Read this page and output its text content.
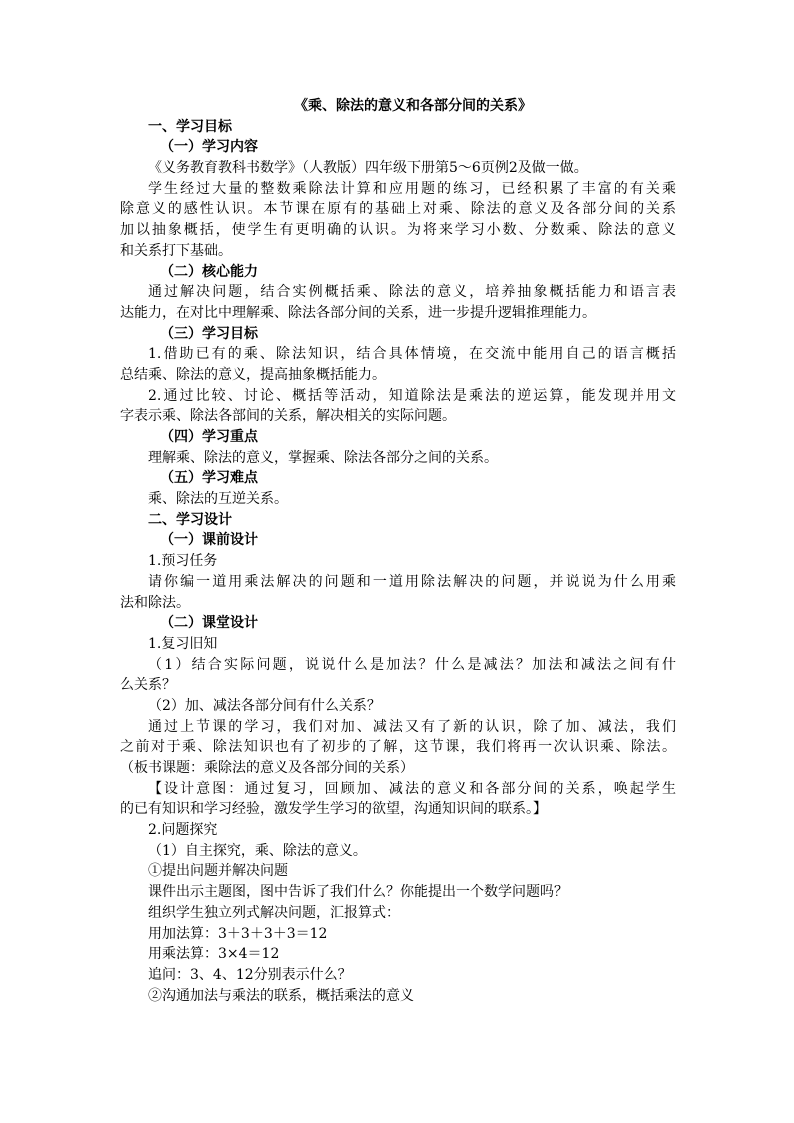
《乘、除法的意义和各部分间的关系》
一、学习目标
（一）学习内容
《义务教育教科书数学》（人教版）四年级下册第5～6页例2及做一做。
学生经过大量的整数乘除法计算和应用题的练习，已经积累了丰富的有关乘
除意义的感性认识。本节课在原有的基础上对乘、除法的意义及各部分间的关系
加以抽象概括，使学生有更明确的认识。为将来学习小数、分数乘、除法的意义
和关系打下基础。
（二）核心能力
通过解决问题，结合实例概括乘、除法的意义，培养抽象概括能力和语言表
达能力，在对比中理解乘、除法各部分间的关系，进一步提升逻辑推理能力。
（三）学习目标
1.借助已有的乘、除法知识，结合具体情境，在交流中能用自己的语言概括
总结乘、除法的意义，提高抽象概括能力。
2.通过比较、讨论、概括等活动，知道除法是乘法的逆运算，能发现并用文
字表示乘、除法各部间的关系，解决相关的实际问题。
（四）学习重点
理解乘、除法的意义，掌握乘、除法各部分之间的关系。
（五）学习难点
乘、除法的互逆关系。
二、学习设计
（一）课前设计
1.预习任务
请你编一道用乘法解决的问题和一道用除法解决的问题，并说说为什么用乘
法和除法。
（二）课堂设计
1.复习旧知
（1）结合实际问题，说说什么是加法？什么是减法？加法和减法之间有什
么关系？
（2）加、减法各部分间有什么关系？
通过上节课的学习，我们对加、减法又有了新的认识，除了加、减法，我们
之前对于乘、除法知识也有了初步的了解，这节课，我们将再一次认识乘、除法。
（板书课题：乘除法的意义及各部分间的关系）
【设计意图：通过复习，回顾加、减法的意义和各部分间的关系，唤起学生
的已有知识和学习经验，激发学生学习的欲望，沟通知识间的联系。】
2.问题探究
（1）自主探究，乘、除法的意义。
①提出问题并解决问题
课件出示主题图，图中告诉了我们什么？你能提出一个数学问题吗？
组织学生独立列式解决问题，汇报算式：
用加法算：3＋3＋3＋3＝12
用乘法算：3×4＝12
追问：3、4、12分别表示什么？
②沟通加法与乘法的联系，概括乘法的意义
